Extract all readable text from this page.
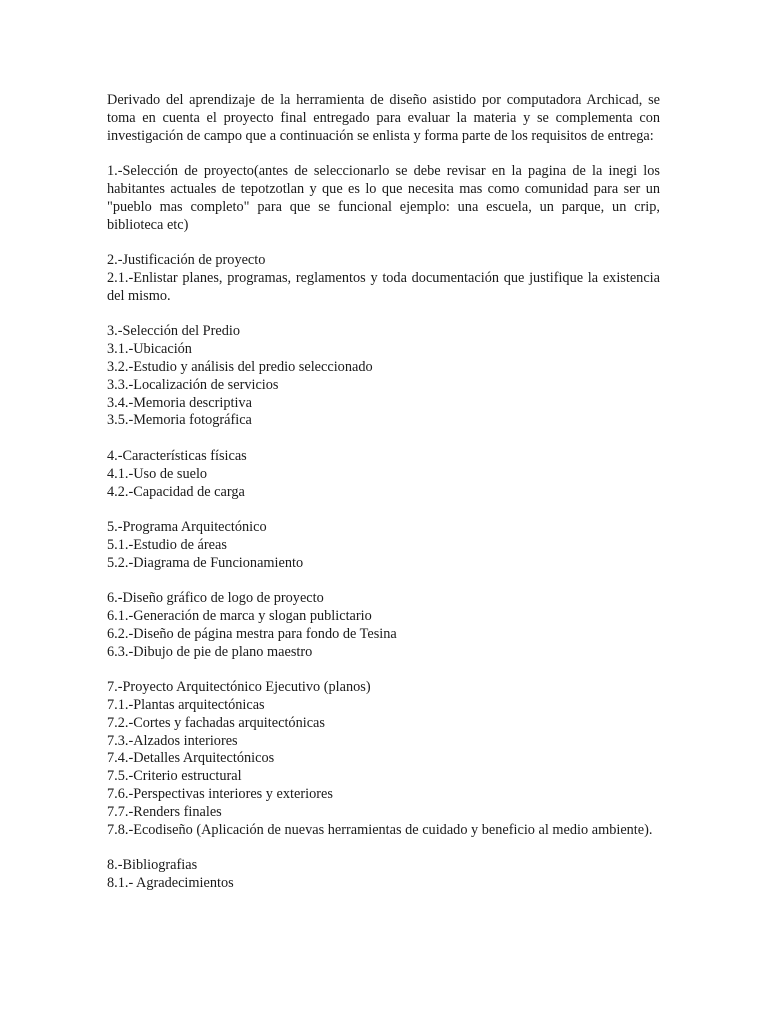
Derivado del aprendizaje de la herramienta de diseño asistido por computadora Archicad, se toma en cuenta el proyecto final entregado para evaluar la materia y se complementa con investigación de campo que a continuación se enlista y forma parte de los requisitos de entrega:

1.-Selección de proyecto(antes de seleccionarlo se debe revisar en la pagina de la inegi los habitantes actuales de tepotzotlan y que es lo que necesita mas como comunidad para ser un "pueblo mas completo" para que se funcional ejemplo: una escuela, un parque, un crip, biblioteca etc)
2.-Justificación de proyecto
2.1.-Enlistar planes, programas, reglamentos y toda documentación que justifique la existencia del mismo.
3.-Selección del Predio
3.1.-Ubicación
3.2.-Estudio y análisis del predio seleccionado
3.3.-Localización de servicios
3.4.-Memoria descriptiva
3.5.-Memoria fotográfica
4.-Características físicas
4.1.-Uso de suelo
4.2.-Capacidad de carga
5.-Programa Arquitectónico
5.1.-Estudio de áreas
5.2.-Diagrama de Funcionamiento
6.-Diseño gráfico de logo de proyecto
6.1.-Generación de marca y slogan publictario
6.2.-Diseño de página mestra para fondo de Tesina
6.3.-Dibujo de pie de plano maestro
7.-Proyecto Arquitectónico Ejecutivo (planos)
7.1.-Plantas arquitectónicas
7.2.-Cortes y fachadas arquitectónicas
7.3.-Alzados interiores
7.4.-Detalles Arquitectónicos
7.5.-Criterio estructural
7.6.-Perspectivas interiores y exteriores
7.7.-Renders finales
7.8.-Ecodiseño (Aplicación de nuevas herramientas de cuidado y beneficio al medio ambiente).
8.-Bibliografias
8.1.- Agradecimientos
